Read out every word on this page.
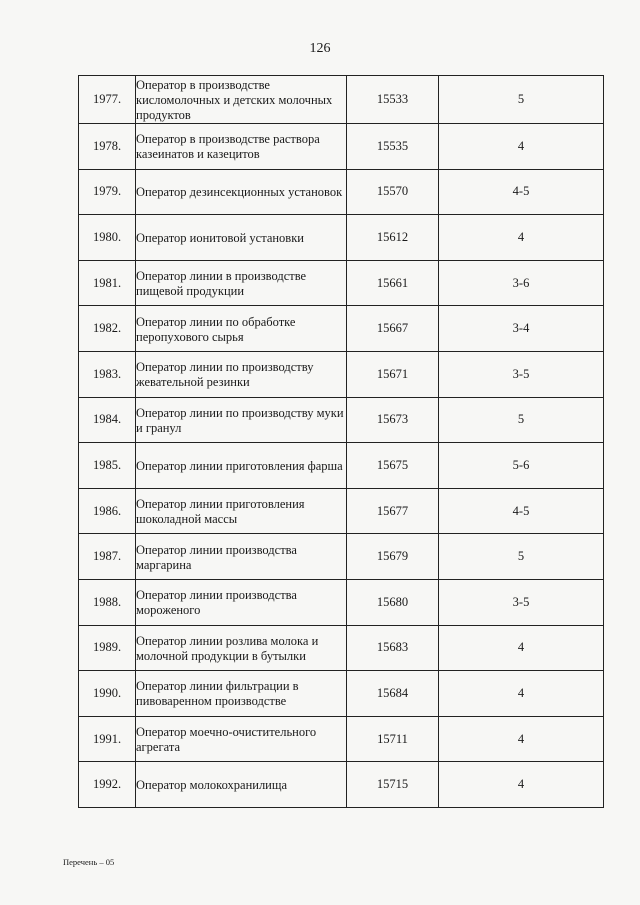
126
1977.	Оператор в производстве кисломолочных и детских молочных продуктов	15533	5
1978.	Оператор в производстве раствора казеинатов и казецитов	15535	4
1979.	Оператор дезинсекционных установок	15570	4-5
1980.	Оператор ионитовой установки	15612	4
1981.	Оператор линии в производстве пищевой продукции	15661	3-6
1982.	Оператор линии по обработке перопухового сырья	15667	3-4
1983.	Оператор линии по производству жевательной резинки	15671	3-5
1984.	Оператор линии по производству муки и гранул	15673	5
1985.	Оператор линии приготовления фарша	15675	5-6
1986.	Оператор линии приготовления шоколадной массы	15677	4-5
1987.	Оператор линии производства маргарина	15679	5
1988.	Оператор линии производства мороженого	15680	3-5
1989.	Оператор линии розлива молока и молочной продукции в бутылки	15683	4
1990.	Оператор линии фильтрации в пивоваренном производстве	15684	4
1991.	Оператор моечно-очистительного агрегата	15711	4
1992.	Оператор молокохранилища	15715	4
Перечень – 05
